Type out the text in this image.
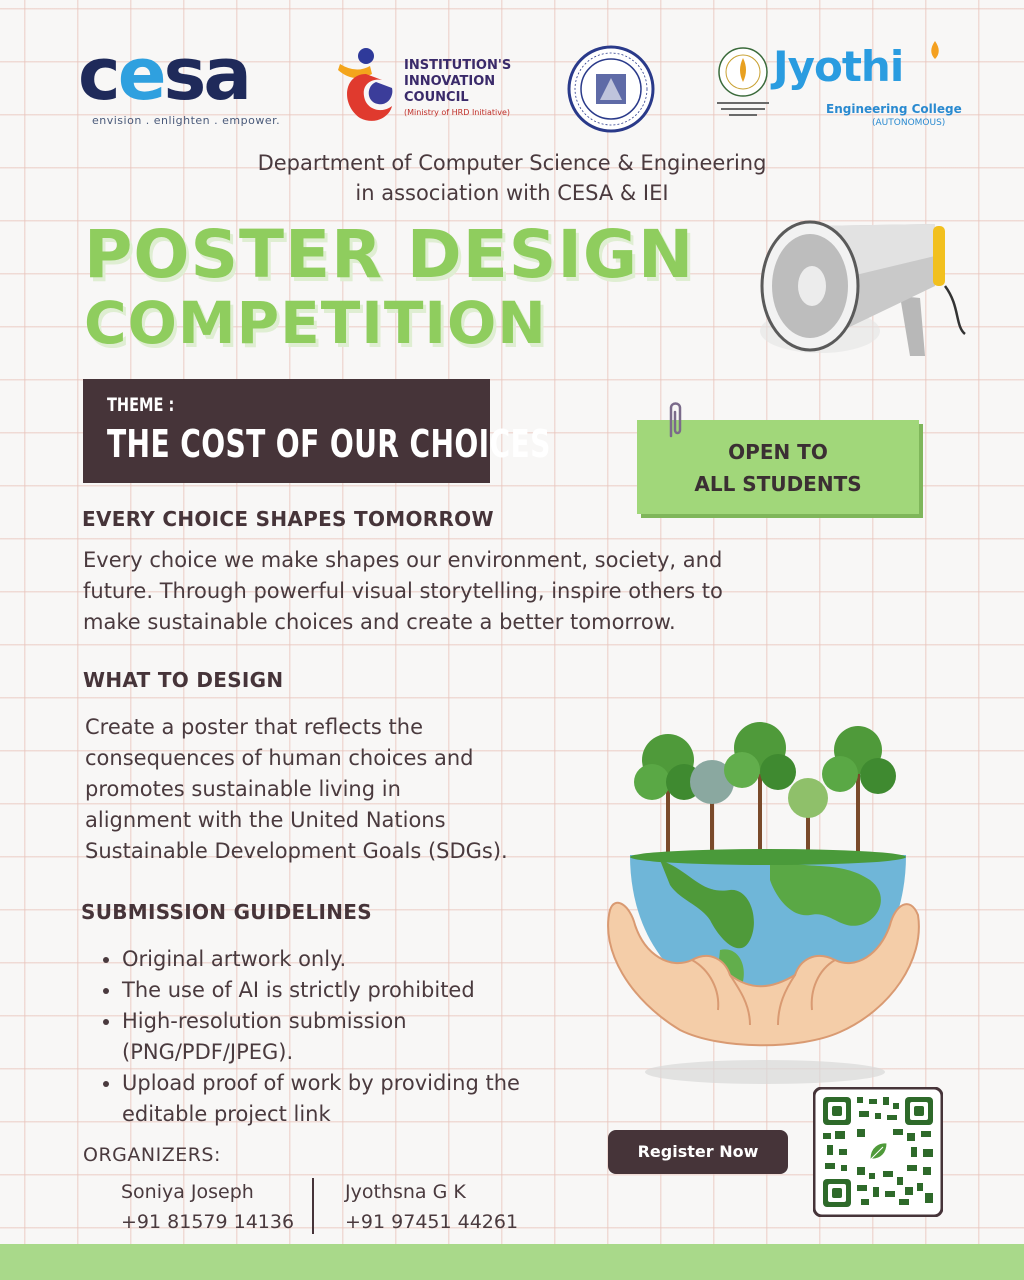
cesa
envision . enlighten . empower.
INSTITUTION'S
INNOVATION
COUNCIL
(Ministry of HRD Initiative)
Jyothi
Engineering College
(AUTONOMOUS)
Department of Computer Science & Engineering
in association with CESA & IEI
POSTER DESIGN
COMPETITION
THEME :
THE COST OF OUR CHOICES	OPEN TO
ALL STUDENTS
EVERY CHOICE SHAPES TOMORROW
Every choice we make shapes our environment, society, and
future. Through powerful visual storytelling, inspire others to
make sustainable choices and create a better tomorrow.
WHAT TO DESIGN
Create a poster that reflects the
consequences of human choices and
promotes sustainable living in
alignment with the United Nations
Sustainable Development Goals (SDGs).
SUBMISSION GUIDELINES
• Original artwork only.
• The use of AI is strictly prohibited
• High-resolution submission (PNG/PDF/JPEG).
• Upload proof of work by providing the editable project link
ORGANIZERS:
Soniya Joseph
+91 81579 14136
Jyothsna G K
+91 97451 44261
Register Now
